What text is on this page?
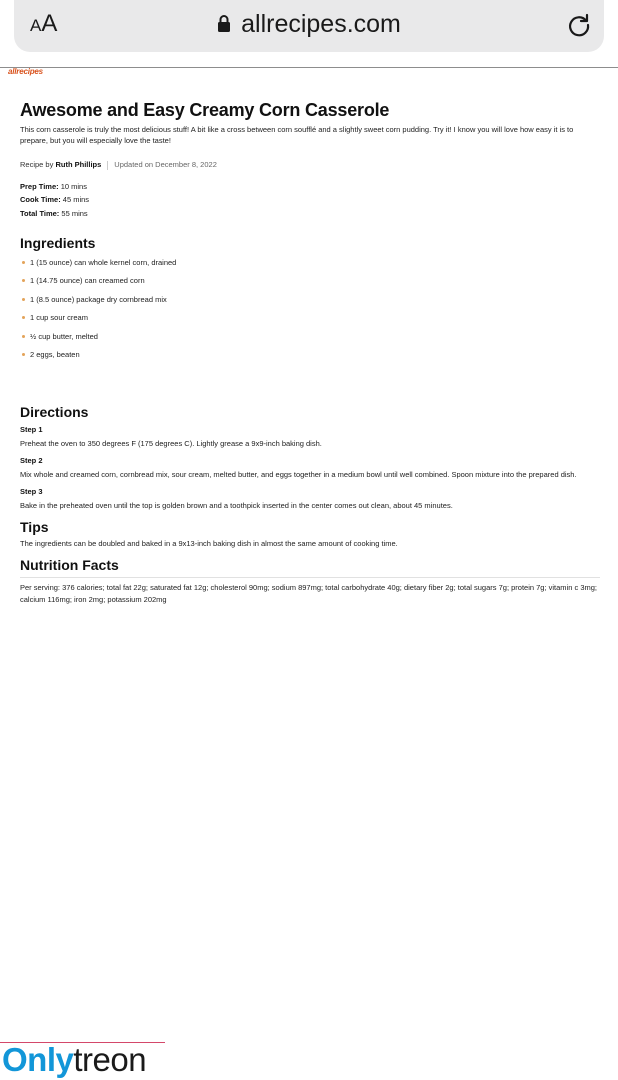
AA	allrecipes.com
allrecipes
Awesome and Easy Creamy Corn Casserole

This corn casserole is truly the most delicious stuff! A bit like a cross between corn soufflé and a slightly sweet corn pudding. Try it! I know you will love how easy it is to prepare, but you will especially love the taste!

Recipe by Ruth Phillips Updated on December 8, 2022
Prep Time: 10 mins
Cook Time: 45 mins
Total Time: 55 mins
Ingredients
1 (15 ounce) can whole kernel corn, drained
1 (14.75 ounce) can creamed corn
1 (8.5 ounce) package dry cornbread mix
1 cup sour cream
½ cup butter, melted
2 eggs, beaten
Directions
Step 1
Preheat the oven to 350 degrees F (175 degrees C). Lightly grease a 9x9-inch baking dish.
Step 2
Mix whole and creamed corn, cornbread mix, sour cream, melted butter, and eggs together in a medium bowl until well combined. Spoon mixture into the prepared dish.
Step 3
Bake in the preheated oven until the top is golden brown and a toothpick inserted in the center comes out clean, about 45 minutes.
Tips
The ingredients can be doubled and baked in a 9x13-inch baking dish in almost the same amount of cooking time.
Nutrition Facts
Per serving: 376 calories; total fat 22g; saturated fat 12g; cholesterol 90mg; sodium 897mg; total carbohydrate 40g; dietary fiber 2g; total sugars 7g; protein 7g; vitamin c 3mg; calcium 116mg; iron 2mg; potassium 202mg
Onlytreon
